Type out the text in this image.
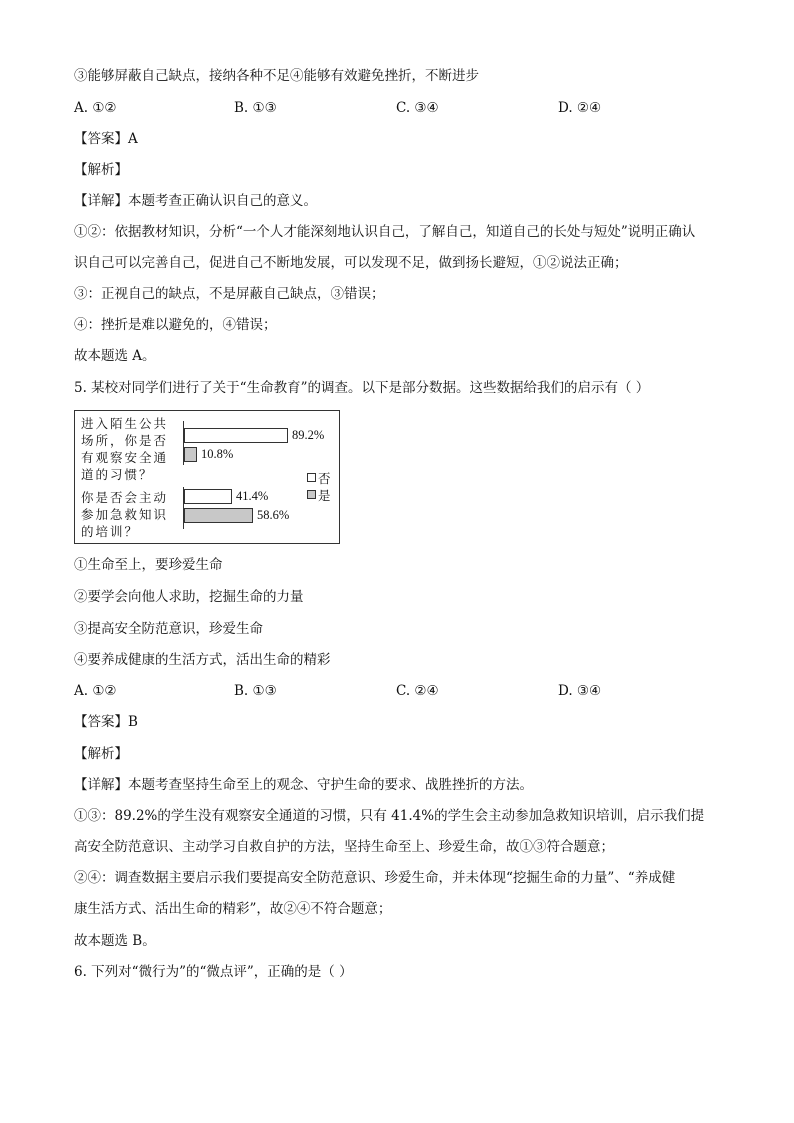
③能够屏蔽自己缺点，接纳各种不足④能够有效避免挫折，不断进步
A. ①②	B. ①③	C. ③④	D. ②④
【答案】A
【解析】
【详解】本题考查正确认识自己的意义。
①②：依据教材知识，分析“一个人才能深刻地认识自己，了解自己，知道自己的长处与短处”说明正确认
识自己可以完善自己，促进自己不断地发展，可以发现不足，做到扬长避短，①②说法正确；
③：正视自己的缺点，不是屏蔽自己缺点，③错误；
④：挫折是难以避免的，④错误；
故本题选 A。
5. 某校对同学们进行了关于“生命教育”的调查。以下是部分数据。这些数据给我们的启示有（ ）
进入陌生公共
场所，你是否
有观察安全通
道的习惯？
你是否会主动
参加急救知识
的培训？
89.2%
10.8%
41.4%
58.6%
否
是
①生命至上，要珍爱生命
②要学会向他人求助，挖掘生命的力量
③提高安全防范意识，珍爱生命
④要养成健康的生活方式，活出生命的精彩
A. ①②	B. ①③	C. ②④	D. ③④
【答案】B
【解析】
【详解】本题考查坚持生命至上的观念、守护生命的要求、战胜挫折的方法。
①③：89.2%的学生没有观察安全通道的习惯，只有 41.4%的学生会主动参加急救知识培训，启示我们提
高安全防范意识、主动学习自救自护的方法，坚持生命至上、珍爱生命，故①③符合题意；
②④：调查数据主要启示我们要提高安全防范意识、珍爱生命，并未体现“挖掘生命的力量”、“养成健
康生活方式、活出生命的精彩”，故②④不符合题意；
故本题选 B。
6. 下列对“微行为”的“微点评”，正确的是（ ）
